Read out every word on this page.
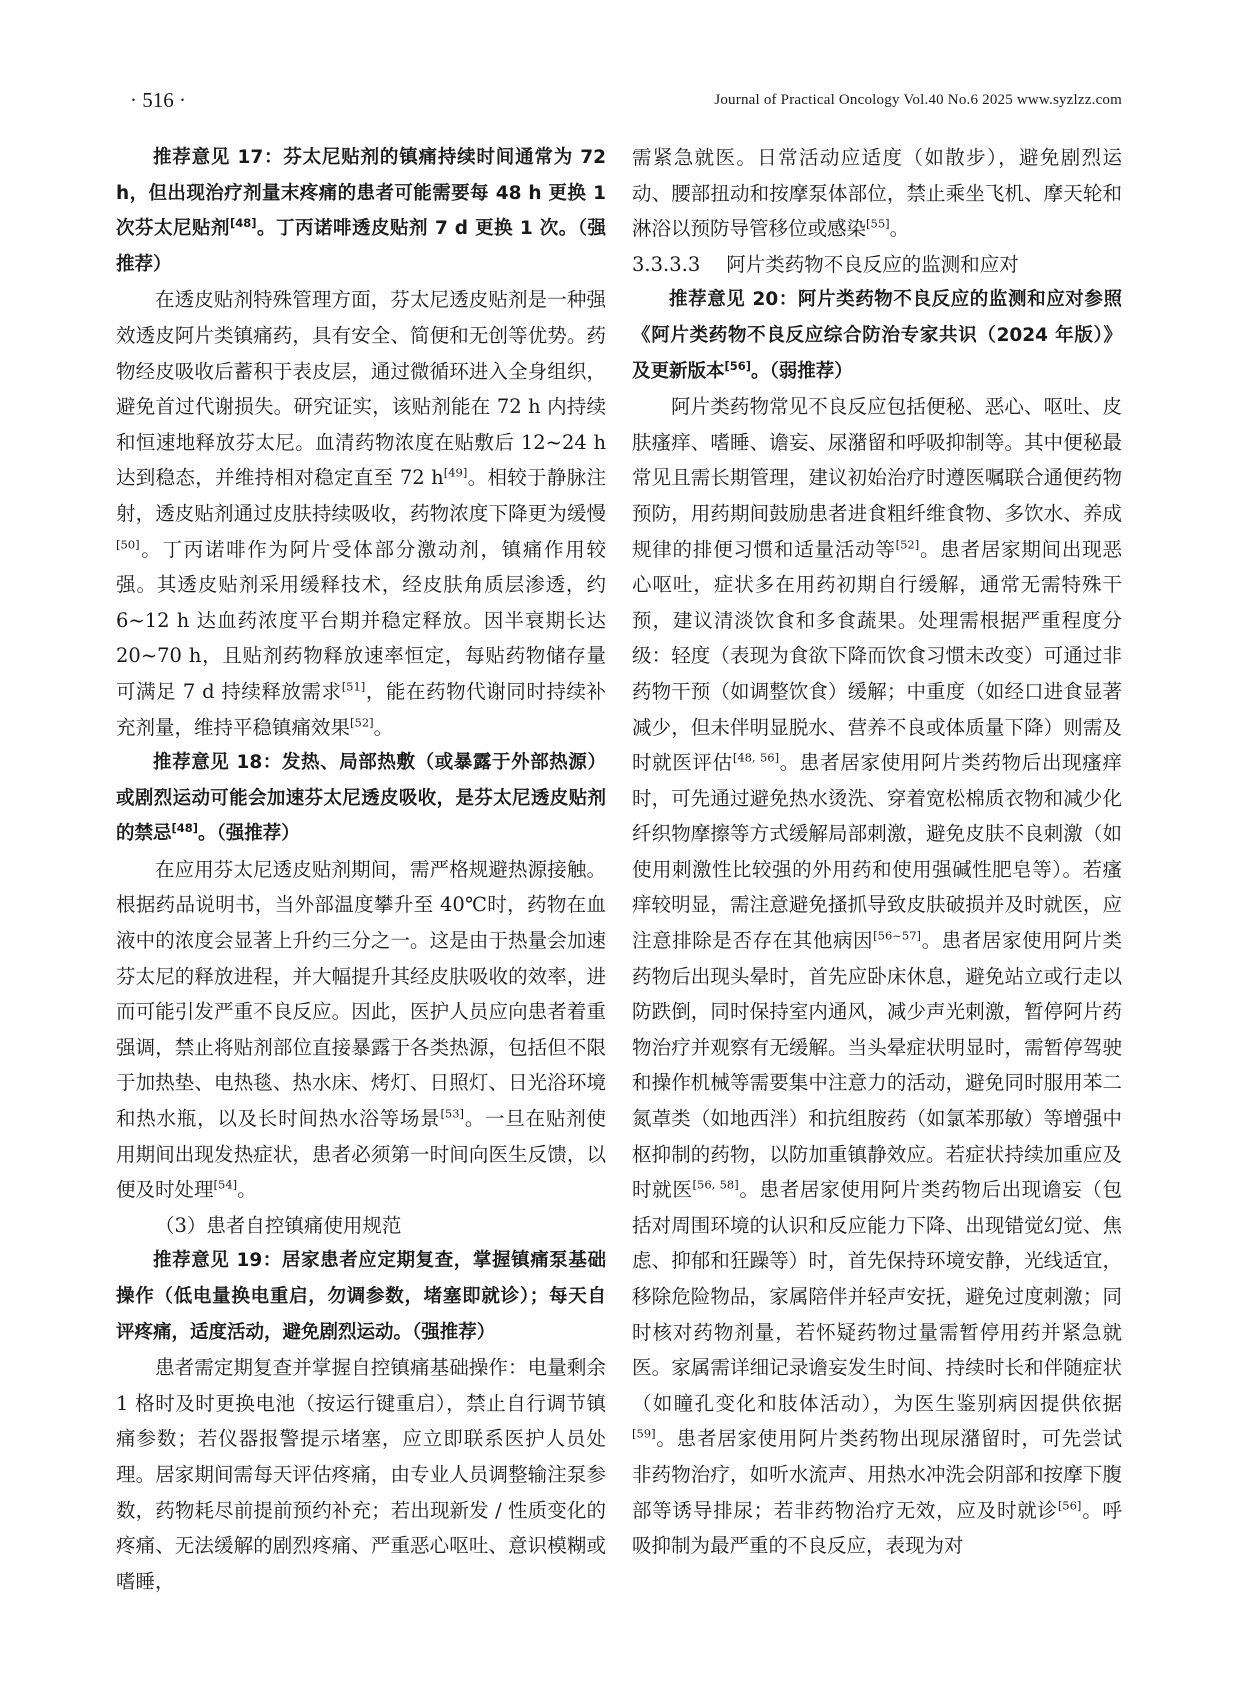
· 516 ·	Journal of Practical Oncology Vol.40 No.6 2025 www.syzlzz.com

推荐意见 17：芬太尼贴剂的镇痛持续时间通常为 72 h，但出现治疗剂量末疼痛的患者可能需要每 48 h 更换 1 次芬太尼贴剂[48]。丁丙诺啡透皮贴剂 7 d 更换 1 次。（强推荐）

在透皮贴剂特殊管理方面，芬太尼透皮贴剂是一种强效透皮阿片类镇痛药，具有安全、简便和无创等优势。药物经皮吸收后蓄积于表皮层，通过微循环进入全身组织，避免首过代谢损失。研究证实，该贴剂能在 72 h 内持续和恒速地释放芬太尼。血清药物浓度在贴敷后 12~24 h 达到稳态，并维持相对稳定直至 72 h[49]。相较于静脉注射，透皮贴剂通过皮肤持续吸收，药物浓度下降更为缓慢[50]。丁丙诺啡作为阿片受体部分激动剂，镇痛作用较强。其透皮贴剂采用缓释技术，经皮肤角质层渗透，约 6~12 h 达血药浓度平台期并稳定释放。因半衰期长达 20~70 h，且贴剂药物释放速率恒定，每贴药物储存量可满足 7 d 持续释放需求[51]，能在药物代谢同时持续补充剂量，维持平稳镇痛效果[52]。

推荐意见 18：发热、局部热敷（或暴露于外部热源）或剧烈运动可能会加速芬太尼透皮吸收，是芬太尼透皮贴剂的禁忌[48]。（强推荐）

在应用芬太尼透皮贴剂期间，需严格规避热源接触。根据药品说明书，当外部温度攀升至 40℃时，药物在血液中的浓度会显著上升约三分之一。这是由于热量会加速芬太尼的释放进程，并大幅提升其经皮肤吸收的效率，进而可能引发严重不良反应。因此，医护人员应向患者着重强调，禁止将贴剂部位直接暴露于各类热源，包括但不限于加热垫、电热毯、热水床、烤灯、日照灯、日光浴环境和热水瓶，以及长时间热水浴等场景[53]。一旦在贴剂使用期间出现发热症状，患者必须第一时间向医生反馈，以便及时处理[54]。

（3）患者自控镇痛使用规范

推荐意见 19：居家患者应定期复查，掌握镇痛泵基础操作（低电量换电重启，勿调参数，堵塞即就诊）；每天自评疼痛，适度活动，避免剧烈运动。（强推荐）

患者需定期复查并掌握自控镇痛基础操作：电量剩余 1 格时及时更换电池（按运行键重启），禁止自行调节镇痛参数；若仪器报警提示堵塞，应立即联系医护人员处理。居家期间需每天评估疼痛，由专业人员调整输注泵参数，药物耗尽前提前预约补充；若出现新发 / 性质变化的疼痛、无法缓解的剧烈疼痛、严重恶心呕吐、意识模糊或嗜睡，

需紧急就医。日常活动应适度（如散步），避免剧烈运动、腰部扭动和按摩泵体部位，禁止乘坐飞机、摩天轮和淋浴以预防导管移位或感染[55]。

3.3.3.3 阿片类药物不良反应的监测和应对

推荐意见 20：阿片类药物不良反应的监测和应对参照《阿片类药物不良反应综合防治专家共识（2024 年版）》及更新版本[56]。（弱推荐）

阿片类药物常见不良反应包括便秘、恶心、呕吐、皮肤瘙痒、嗜睡、谵妄、尿潴留和呼吸抑制等。其中便秘最常见且需长期管理，建议初始治疗时遵医嘱联合通便药物预防，用药期间鼓励患者进食粗纤维食物、多饮水、养成规律的排便习惯和适量活动等[52]。患者居家期间出现恶心呕吐，症状多在用药初期自行缓解，通常无需特殊干预，建议清淡饮食和多食蔬果。处理需根据严重程度分级：轻度（表现为食欲下降而饮食习惯未改变）可通过非药物干预（如调整饮食）缓解；中重度（如经口进食显著减少，但未伴明显脱水、营养不良或体质量下降）则需及时就医评估[48, 56]。患者居家使用阿片类药物后出现瘙痒时，可先通过避免热水烫洗、穿着宽松棉质衣物和减少化纤织物摩擦等方式缓解局部刺激，避免皮肤不良刺激（如使用刺激性比较强的外用药和使用强碱性肥皂等）。若瘙痒较明显，需注意避免搔抓导致皮肤破损并及时就医，应注意排除是否存在其他病因[56~57]。患者居家使用阿片类药物后出现头晕时，首先应卧床休息，避免站立或行走以防跌倒，同时保持室内通风，减少声光刺激，暂停阿片药物治疗并观察有无缓解。当头晕症状明显时，需暂停驾驶和操作机械等需要集中注意力的活动，避免同时服用苯二氮䓬类（如地西泮）和抗组胺药（如氯苯那敏）等增强中枢抑制的药物，以防加重镇静效应。若症状持续加重应及时就医[56, 58]。患者居家使用阿片类药物后出现谵妄（包括对周围环境的认识和反应能力下降、出现错觉幻觉、焦虑、抑郁和狂躁等）时，首先保持环境安静，光线适宜，移除危险物品，家属陪伴并轻声安抚，避免过度刺激；同时核对药物剂量，若怀疑药物过量需暂停用药并紧急就医。家属需详细记录谵妄发生时间、持续时长和伴随症状（如瞳孔变化和肢体活动），为医生鉴别病因提供依据[59]。患者居家使用阿片类药物出现尿潴留时，可先尝试非药物治疗，如听水流声、用热水冲洗会阴部和按摩下腹部等诱导排尿；若非药物治疗无效，应及时就诊[56]。呼吸抑制为最严重的不良反应，表现为对
